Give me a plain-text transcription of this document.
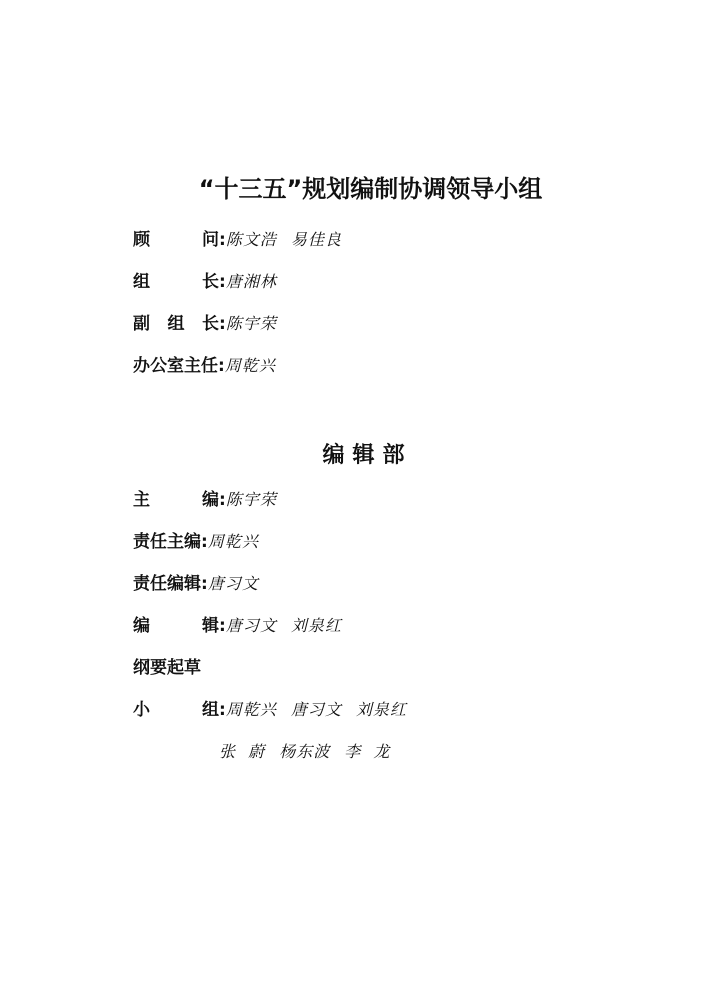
“十三五”规划编制协调领导小组
顾	问 :陈文浩 易佳良
组	长 :唐湘林
副 组 长 :陈宇荣
办公室主任:周乾兴
编辑部
主	编 :陈宇荣
责任主编:周乾兴
责任编辑:唐习文
编	辑 :唐习文 刘泉红
纲要起草
小	组 :周乾兴 唐习文 刘泉红
张  蔚 杨东波 李  龙
